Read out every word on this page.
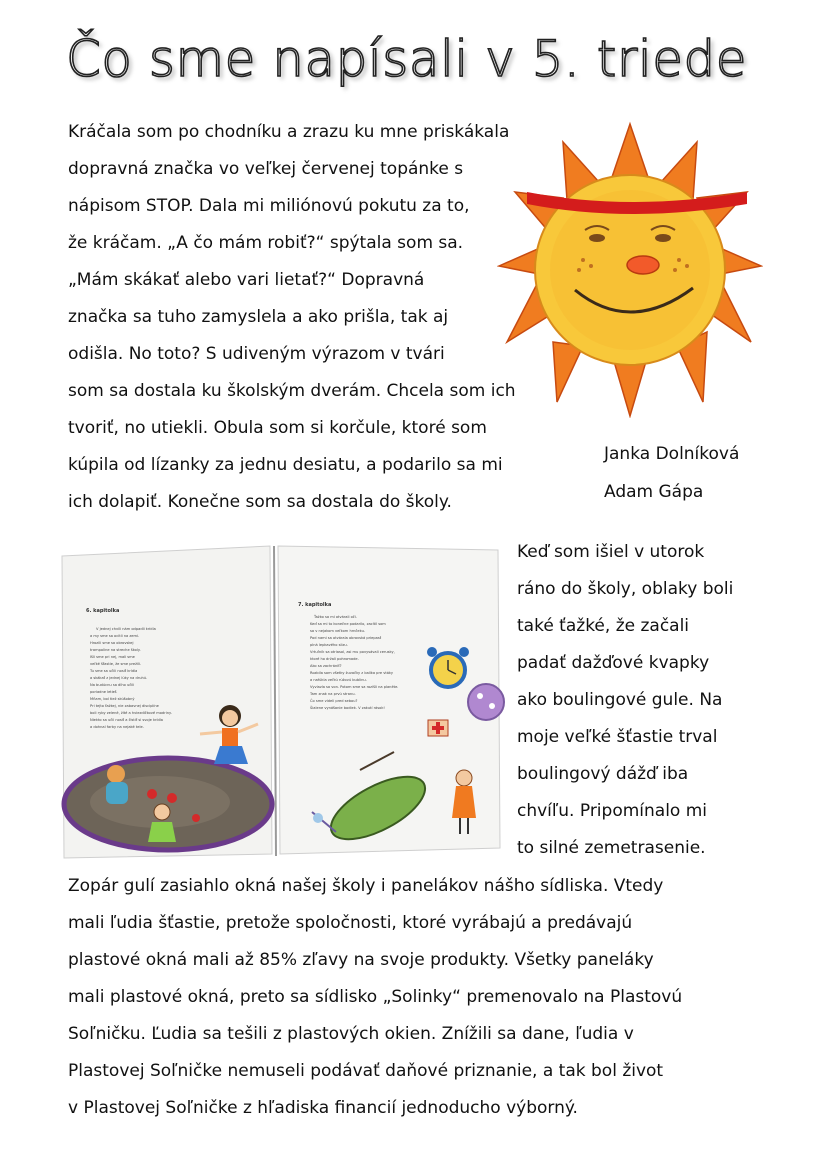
Čo sme napísali v 5. triede
Kráčala som po chodníku a zrazu ku mne priskákala
dopravná značka vo veľkej červenej topánke s
nápisom STOP. Dala mi miliónovú pokutu za to,
že kráčam. „A čo mám robiť?“ spýtala som sa.
„Mám skákať alebo vari lietať?“ Dopravná
značka sa tuho zamyslela a ako prišla, tak aj
odišla. No toto? S udiveným výrazom v tvári
som sa dostala ku školským dverám. Chcela som ich
tvoriť, no utiekli. Obula som si korčule, ktoré som
kúpila od lízanky za jednu desiatu, a podarilo sa mi
ich dolapiť. Konečne som sa dostala do školy.
Janka Dolníková
Adam Gápa
6. kapitolka
V jednej chvíli nám odpadli krídla
a my sme sa ocitli na zemi.
Hrozili sme sa obrovskej
trampoline na streche školy.
Išli sme pri nej, mali sme
veľké šťastie, že sme prežili.
Tu sme sa učili nosiť krídla
a skákať z jednej lúky na druhú.
Na budúcnu sa dlho učili
poriadne letieť.
Mňam, bol tiež skúšobný
Pri tejto ťažkej, nie zabavnej disciplíne
boli ryby zelené, žlté a hviezdičkové modriny.
Niekto sa učil nosiť a čistiť si svoje krídla
a dohnal farby na nejaké tele.
7. kapitolka
Ťažko sa mi otvárali oči.
Keď sa mi to konečne podarilo, zacítil som
sa v nejakom veľkom hrnčeku.
Pod nami sa otvárala obrovská priepasť
plná lepkavého slizu.
Vrtuľník sa otriasol, asi mu povysávali cerusky,
ktoré ho držali pohromade.
Ako sa zachrániť?
Rozbila som všetky žuvačky z balíka pre vtáky
a nafúkla veľkú rúžovú bublinu.
Vyviazla sa von. Potom sme sa rozišli na planéte.
Tam znak na prvú stranu.
Čo sme videli pred sebou?
Šialene vynášanie bodiek. V zakutí rások!
Keď som išiel v utorok
ráno do školy, oblaky boli
také ťažké, že začali
padať dažďové kvapky
ako boulingové gule. Na
moje veľké šťastie trval
boulingový dážď iba
chvíľu. Pripomínalo mi
to silné zemetrasenie.
Zopár gulí zasiahlo okná našej školy i panelákov nášho sídliska. Vtedy
mali ľudia šťastie, pretože spoločnosti, ktoré vyrábajú a predávajú
plastové okná mali až 85% zľavy na svoje produkty. Všetky paneláky
mali plastové okná, preto sa sídlisko „Solinky“ premenovalo na Plastovú
Soľničku. Ľudia sa tešili z plastových okien. Znížili sa dane, ľudia v
Plastovej Soľničke nemuseli podávať daňové priznanie, a tak bol život
v Plastovej Soľničke z hľadiska financií jednoducho výborný.
